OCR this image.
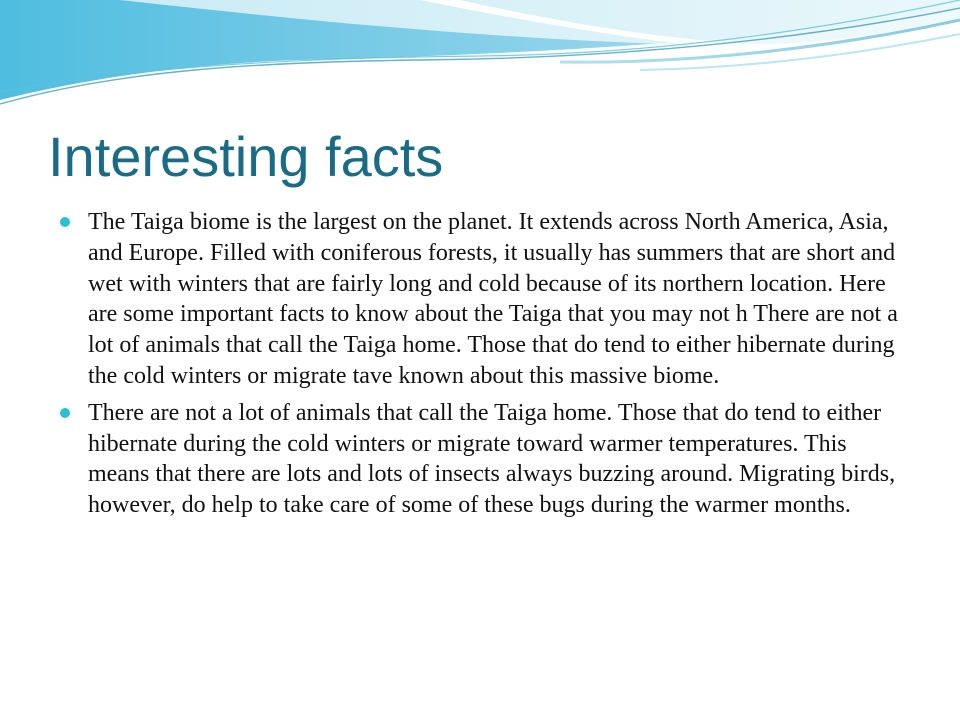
Interesting facts
The Taiga biome is the largest on the planet. It extends across North America, Asia, and Europe. Filled with coniferous forests, it usually has summers that are short and wet with winters that are fairly long and cold because of its northern location. Here are some important facts to know about the Taiga that you may not h There are not a lot of animals that call the Taiga home. Those that do tend to either hibernate during the cold winters or migrate tave known about this massive biome.
There are not a lot of animals that call the Taiga home. Those that do tend to either hibernate during the cold winters or migrate toward warmer temperatures. This means that there are lots and lots of insects always buzzing around. Migrating birds, however, do help to take care of some of these bugs during the warmer months.
